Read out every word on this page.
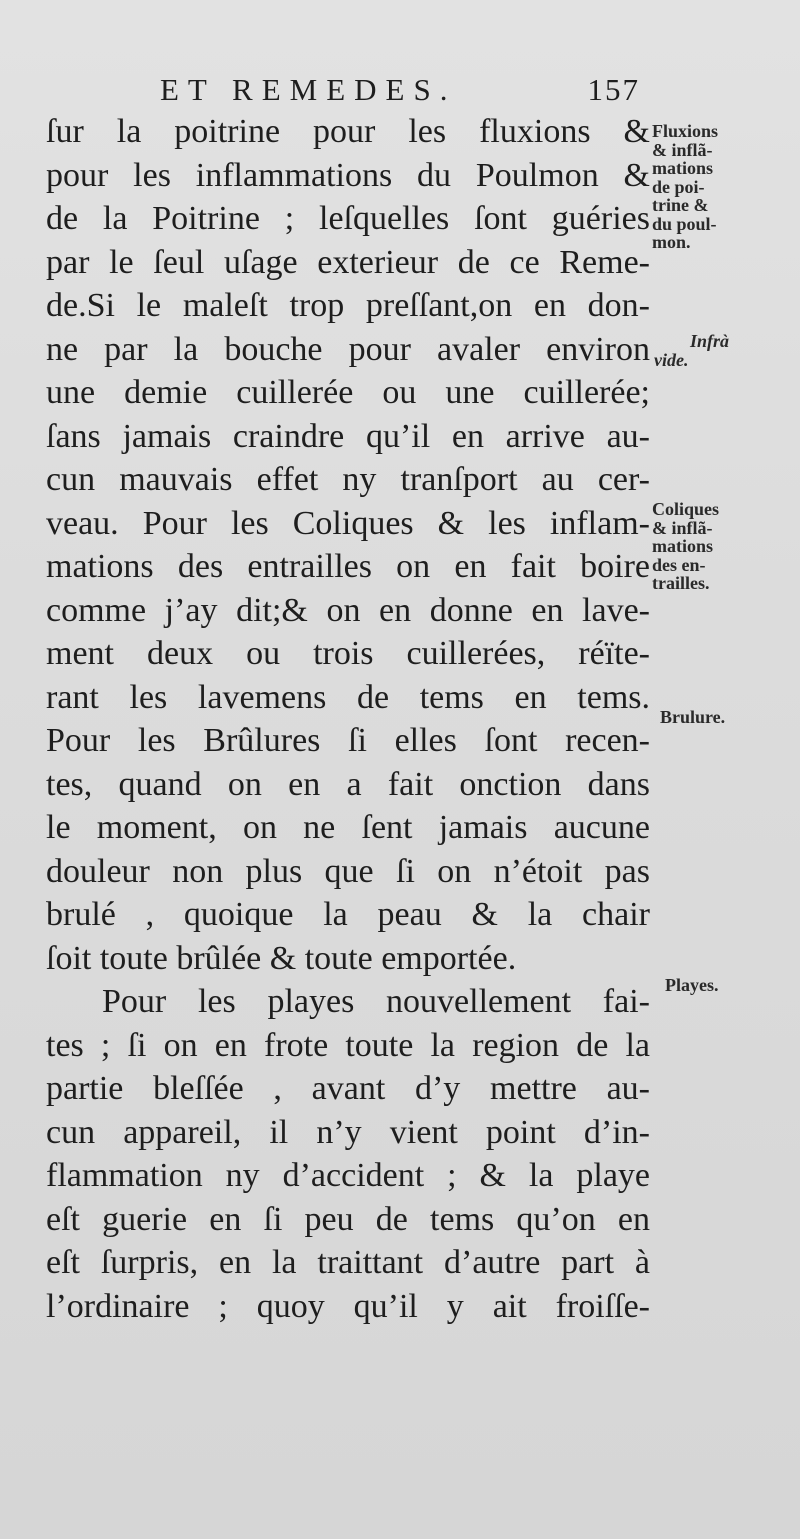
ET REMEDES.	157
ſur la poitrine pour les fluxions &
pour les inflammations du Poulmon &
de la Poitrine ; leſquelles ſont guéries
par le ſeul uſage exterieur de ce Reme-
de.Si le maleſt trop preſſant,on en don-
ne par la bouche pour avaler environ
une demie cuillerée ou une cuillerée;
ſans jamais craindre qu’il en arrive au-
cun mauvais effet ny tranſport au cer-
veau. Pour les Coliques & les inflam-
mations des entrailles on en fait boire
comme j’ay dit;& on en donne en lave-
ment deux ou trois cuillerées, réïte-
rant les lavemens de tems en tems.
Pour les Brûlures ſi elles ſont recen-
tes, quand on en a fait onction dans
le moment, on ne ſent jamais aucune
douleur non plus que ſi on n’étoit pas
brulé , quoique la peau & la chair
ſoit toute brûlée & toute emportée.
Pour les playes nouvellement fai-
tes ; ſi on en frote toute la region de la
partie bleſſée , avant d’y mettre au-
cun appareil, il n’y vient point d’in-
flammation ny d’accident ; & la playe
eſt guerie en ſi peu de tems qu’on en
eſt ſurpris, en la traittant d’autre part à
l’ordinaire ; quoy qu’il y ait froiſſe-
Fluxions
& inflã-
mations
de poi-
trine &
du poul-
mon.
Infrà
vide.
Coliques
& inflã-
mations
des en-
trailles.
Brulure.
Playes.
